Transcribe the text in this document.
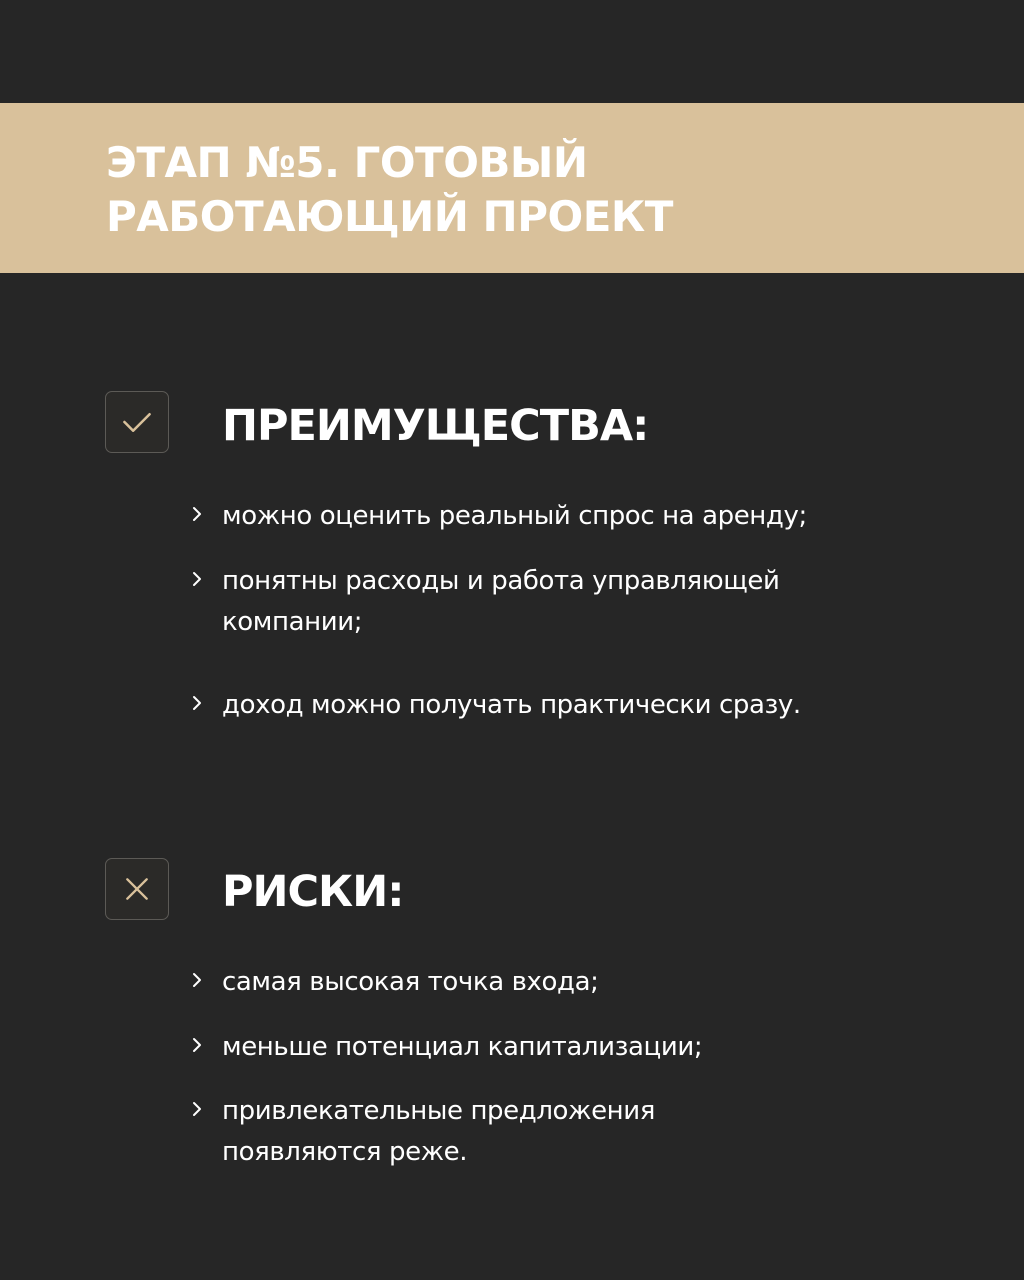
ЭТАП №5. ГОТОВЫЙ
РАБОТАЮЩИЙ ПРОЕКТ
ПРЕИМУЩЕСТВА:
можно оценить реальный спрос на аренду;
понятны расходы и работа управляющей
компании;
доход можно получать практически сразу.
РИСКИ:
самая высокая точка входа;
меньше потенциал капитализации;
привлекательные предложения
появляются реже.
